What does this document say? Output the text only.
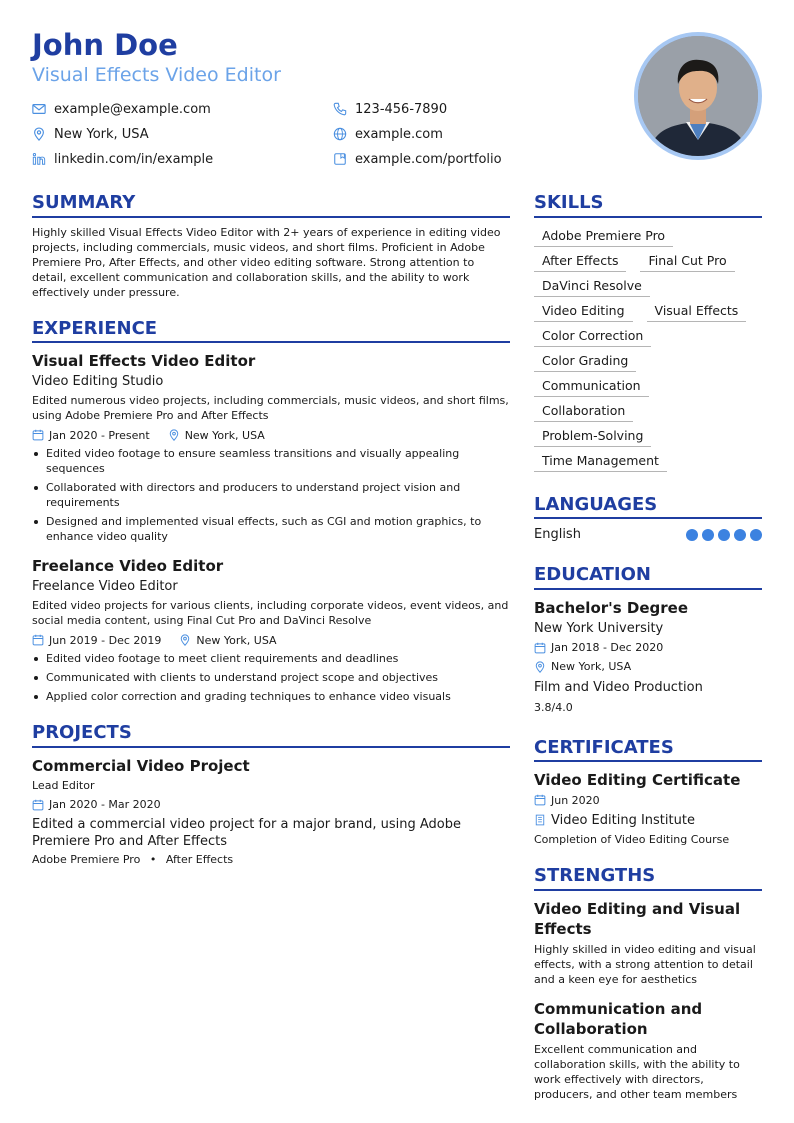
John Doe
Visual Effects Video Editor
example@example.com	123-456-7890
New York, USA	example.com
linkedin.com/in/example	example.com/portfolio
SUMMARY
Highly skilled Visual Effects Video Editor with 2+ years of experience in editing video projects, including commercials, music videos, and short films. Proficient in Adobe Premiere Pro, After Effects, and other video editing software. Strong attention to detail, excellent communication and collaboration skills, and the ability to work effectively under pressure.
EXPERIENCE
Visual Effects Video Editor
Video Editing Studio
Edited numerous video projects, including commercials, music videos, and short films, using Adobe Premiere Pro and After Effects
Jan 2020 - Present	New York, USA
Edited video footage to ensure seamless transitions and visually appealing sequences
Collaborated with directors and producers to understand project vision and requirements
Designed and implemented visual effects, such as CGI and motion graphics, to enhance video quality
Freelance Video Editor
Freelance Video Editor
Edited video projects for various clients, including corporate videos, event videos, and social media content, using Final Cut Pro and DaVinci Resolve
Jun 2019 - Dec 2019	New York, USA
Edited video footage to meet client requirements and deadlines
Communicated with clients to understand project scope and objectives
Applied color correction and grading techniques to enhance video visuals
PROJECTS
Commercial Video Project
Lead Editor
Jan 2020 - Mar 2020
Edited a commercial video project for a major brand, using Adobe Premiere Pro and After Effects
Adobe Premiere Pro • After Effects
SKILLS
Adobe Premiere Pro
After Effects	Final Cut Pro
DaVinci Resolve
Video Editing	Visual Effects
Color Correction
Color Grading
Communication
Collaboration
Problem-Solving
Time Management
LANGUAGES
English
EDUCATION
Bachelor's Degree
New York University
Jan 2018 - Dec 2020
New York, USA
Film and Video Production
3.8/4.0
CERTIFICATES
Video Editing Certificate
Jun 2020
Video Editing Institute
Completion of Video Editing Course
STRENGTHS
Video Editing and Visual Effects
Highly skilled in video editing and visual effects, with a strong attention to detail and a keen eye for aesthetics
Communication and Collaboration
Excellent communication and collaboration skills, with the ability to work effectively with directors, producers, and other team members
